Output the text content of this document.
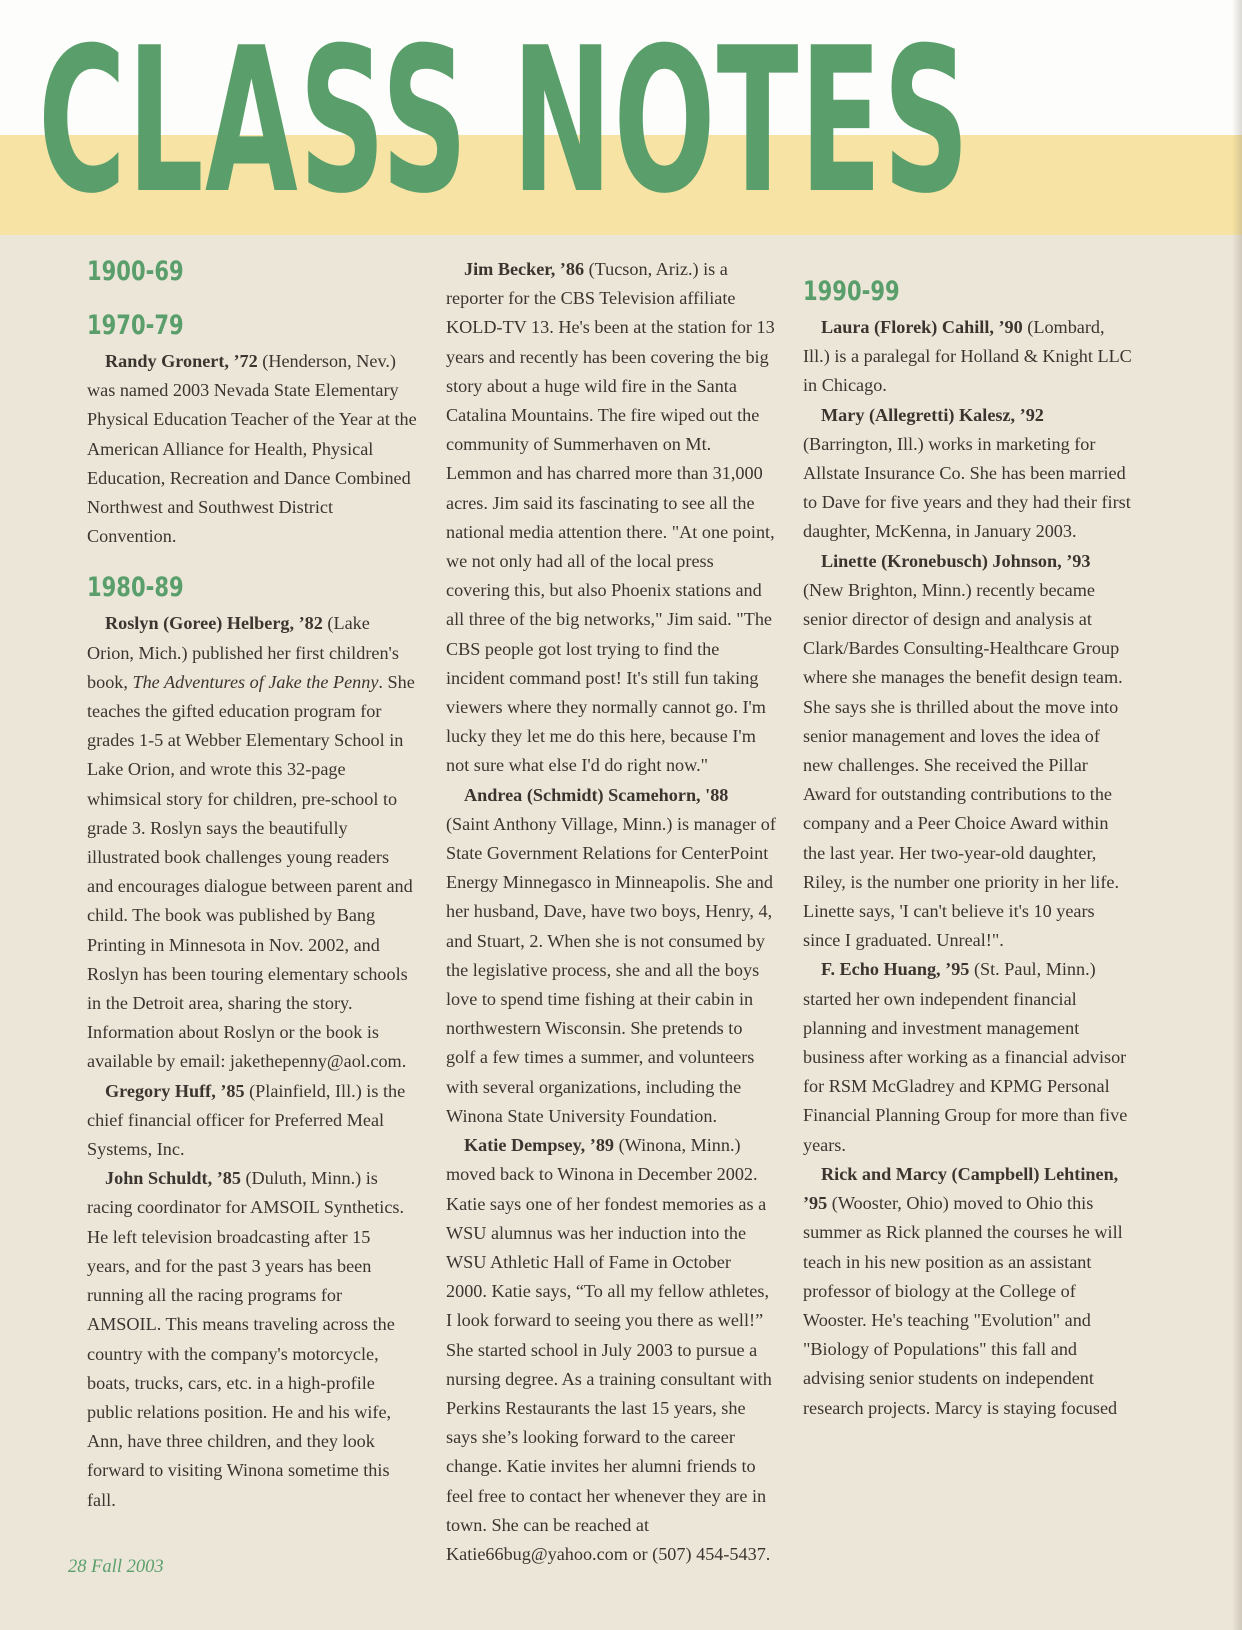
CLASS NOTES
1900-69
1970-79

Randy Gronert, ’72 (Henderson, Nev.) was named 2003 Nevada State Elementary Physical Education Teacher of the Year at the American Alliance for Health, Physical Education, Recreation and Dance Combined Northwest and Southwest District Convention.

1980-89

Roslyn (Goree) Helberg, ’82 (Lake Orion, Mich.) published her first children's book, The Adventures of Jake the Penny. She teaches the gifted education program for grades 1-5 at Webber Elementary School in Lake Orion, and wrote this 32-page whimsical story for children, pre-school to grade 3. Roslyn says the beautifully illustrated book challenges young readers and encourages dialogue between parent and child. The book was published by Bang Printing in Minnesota in Nov. 2002, and Roslyn has been touring elementary schools in the Detroit area, sharing the story. Information about Roslyn or the book is available by email: jakethepenny@aol.com.

Gregory Huff, ’85 (Plainfield, Ill.) is the chief financial officer for Preferred Meal Systems, Inc.

John Schuldt, ’85 (Duluth, Minn.) is racing coordinator for AMSOIL Synthetics. He left television broadcasting after 15 years, and for the past 3 years has been running all the racing programs for AMSOIL. This means traveling across the country with the company's motorcycle, boats, trucks, cars, etc. in a high-profile public relations position. He and his wife, Ann, have three children, and they look forward to visiting Winona sometime this fall.

Jim Becker, ’86 (Tucson, Ariz.) is a reporter for the CBS Television affiliate KOLD-TV 13. He's been at the station for 13 years and recently has been covering the big story about a huge wild fire in the Santa Catalina Mountains. The fire wiped out the community of Summerhaven on Mt. Lemmon and has charred more than 31,000 acres. Jim said its fascinating to see all the national media attention there. "At one point, we not only had all of the local press covering this, but also Phoenix stations and all three of the big networks," Jim said. "The CBS people got lost trying to find the incident command post! It's still fun taking viewers where they normally cannot go. I'm lucky they let me do this here, because I'm not sure what else I'd do right now."

Andrea (Schmidt) Scamehorn, '88 (Saint Anthony Village, Minn.) is manager of State Government Relations for CenterPoint Energy Minnegasco in Minneapolis. She and her husband, Dave, have two boys, Henry, 4, and Stuart, 2. When she is not consumed by the legislative process, she and all the boys love to spend time fishing at their cabin in northwestern Wisconsin. She pretends to golf a few times a summer, and volunteers with several organizations, including the Winona State University Foundation.

Katie Dempsey, ’89 (Winona, Minn.) moved back to Winona in December 2002. Katie says one of her fondest memories as a WSU alumnus was her induction into the WSU Athletic Hall of Fame in October 2000. Katie says, “To all my fellow athletes, I look forward to seeing you there as well!” She started school in July 2003 to pursue a nursing degree. As a training consultant with Perkins Restaurants the last 15 years, she says she’s looking forward to the career change. Katie invites her alumni friends to feel free to contact her whenever they are in town. She can be reached at Katie66bug@yahoo.com or (507) 454-5437.

1990-99

Laura (Florek) Cahill, ’90 (Lombard, Ill.) is a paralegal for Holland & Knight LLC in Chicago.

Mary (Allegretti) Kalesz, ’92 (Barrington, Ill.) works in marketing for Allstate Insurance Co. She has been married to Dave for five years and they had their first daughter, McKenna, in January 2003.

Linette (Kronebusch) Johnson, ’93 (New Brighton, Minn.) recently became senior director of design and analysis at Clark/Bardes Consulting-Healthcare Group where she manages the benefit design team. She says she is thrilled about the move into senior management and loves the idea of new challenges. She received the Pillar Award for outstanding contributions to the company and a Peer Choice Award within the last year. Her two-year-old daughter, Riley, is the number one priority in her life. Linette says, 'I can't believe it's 10 years since I graduated. Unreal!".

F. Echo Huang, ’95 (St. Paul, Minn.) started her own independent financial planning and investment management business after working as a financial advisor for RSM McGladrey and KPMG Personal Financial Planning Group for more than five years.

Rick and Marcy (Campbell) Lehtinen, ’95 (Wooster, Ohio) moved to Ohio this summer as Rick planned the courses he will teach in his new position as an assistant professor of biology at the College of Wooster. He's teaching "Evolution" and "Biology of Populations" this fall and advising senior students on independent research projects. Marcy is staying focused

28 Fall 2003
